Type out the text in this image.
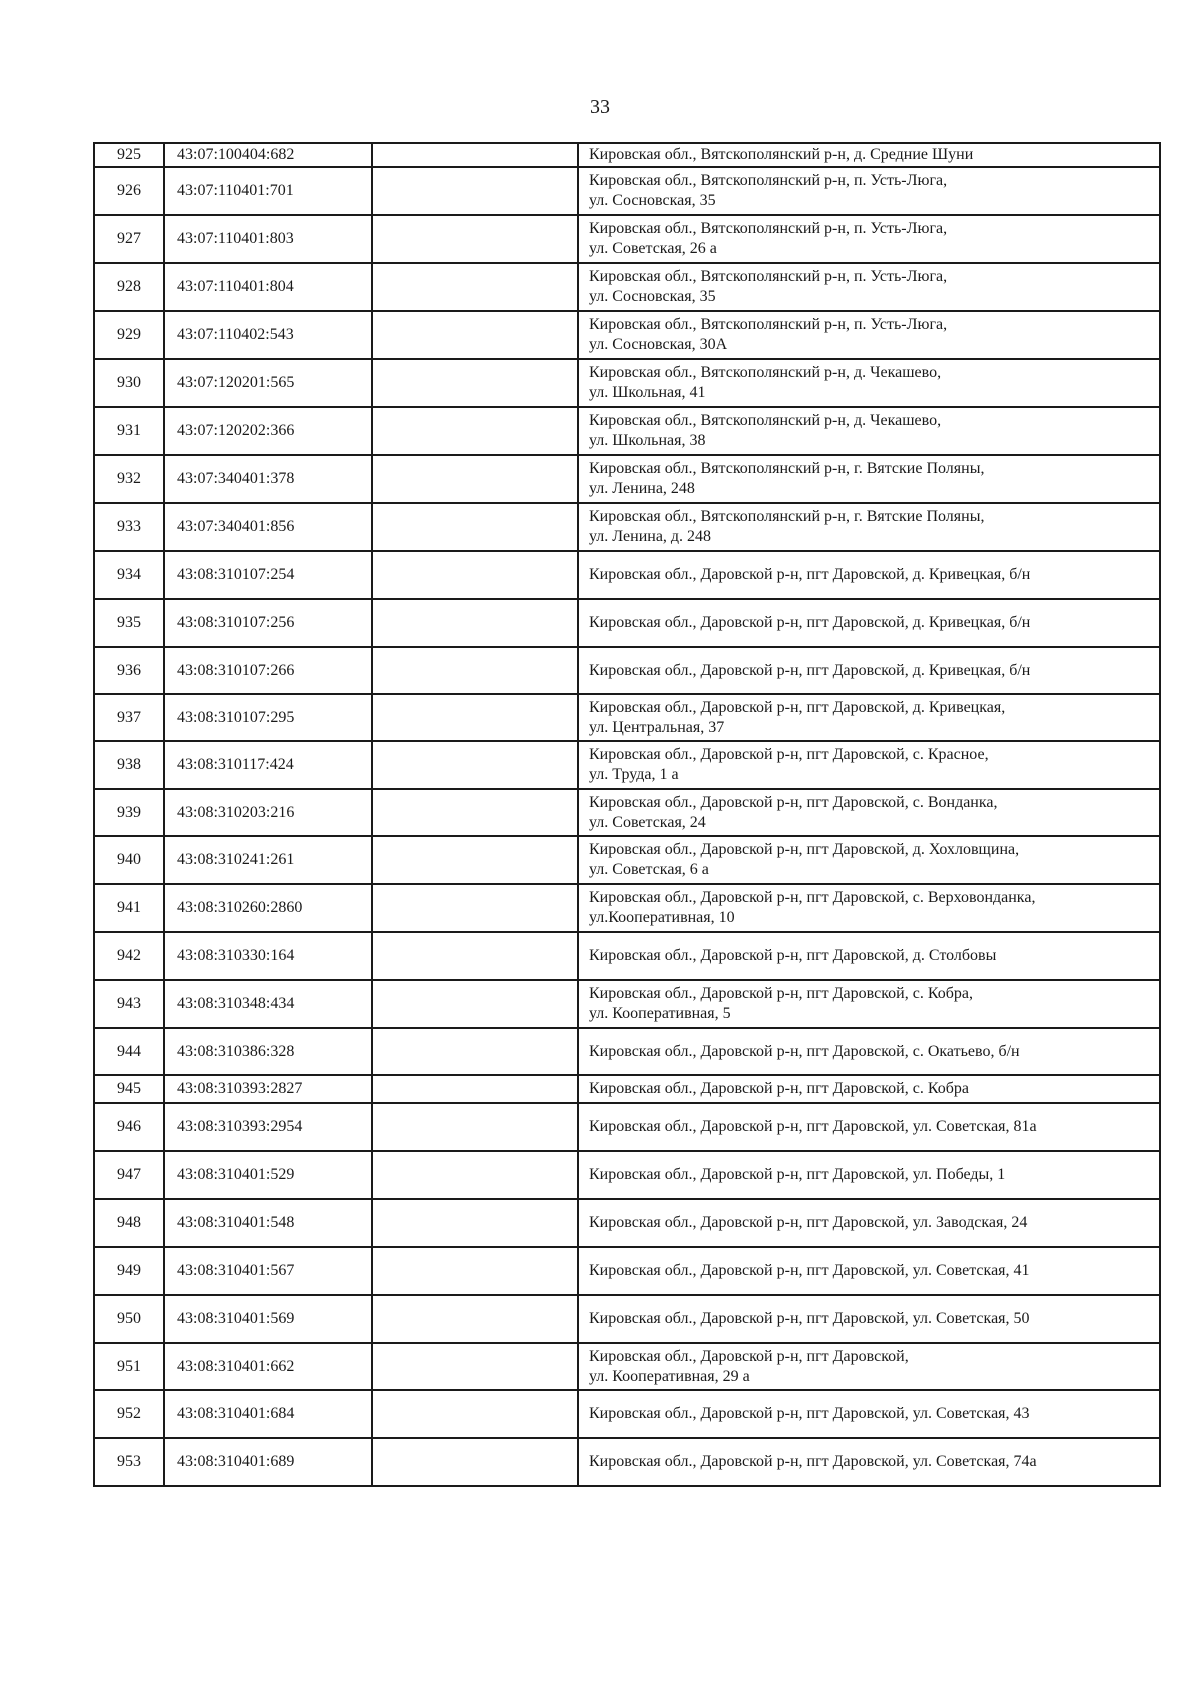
33
925	43:07:100404:682		Кировская обл., Вятскополянский р-н, д. Средние Шуни

926	43:07:110401:701		Кировская обл., Вятскополянский р-н, п. Усть-Люга,
ул. Сосновская, 35

927	43:07:110401:803		Кировская обл., Вятскополянский р-н, п. Усть-Люга,
ул. Советская, 26 а

928	43:07:110401:804		Кировская обл., Вятскополянский р-н, п. Усть-Люга,
ул. Сосновская, 35

929	43:07:110402:543		Кировская обл., Вятскополянский р-н, п. Усть-Люга,
ул. Сосновская, 30А

930	43:07:120201:565		Кировская обл., Вятскополянский р-н, д. Чекашево,
ул. Школьная, 41

931	43:07:120202:366		Кировская обл., Вятскополянский р-н, д. Чекашево,
ул. Школьная, 38

932	43:07:340401:378		Кировская обл., Вятскополянский р-н, г. Вятские Поляны,
ул. Ленина, 248

933	43:07:340401:856		Кировская обл., Вятскополянский р-н, г. Вятские Поляны,
ул. Ленина, д. 248

934	43:08:310107:254		Кировская обл., Даровской р-н, пгт Даровской, д. Кривецкая, б/н

935	43:08:310107:256		Кировская обл., Даровской р-н, пгт Даровской, д. Кривецкая, б/н

936	43:08:310107:266		Кировская обл., Даровской р-н, пгт Даровской, д. Кривецкая, б/н

937	43:08:310107:295		Кировская обл., Даровской р-н, пгт Даровской, д. Кривецкая,
ул. Центральная, 37

938	43:08:310117:424		Кировская обл., Даровской р-н, пгт Даровской, с. Красное,
ул. Труда, 1 а

939	43:08:310203:216		Кировская обл., Даровской р-н, пгт Даровской, с. Вонданка,
ул. Советская, 24

940	43:08:310241:261		Кировская обл., Даровской р-н, пгт Даровской, д. Хохловщина,
ул. Советская, 6 а

941	43:08:310260:2860		Кировская обл., Даровской р-н, пгт Даровской, с. Верховонданка,
ул.Кооперативная, 10

942	43:08:310330:164		Кировская обл., Даровской р-н, пгт Даровской, д. Столбовы

943	43:08:310348:434		Кировская обл., Даровской р-н, пгт Даровской, с. Кобра,
ул. Кооперативная, 5

944	43:08:310386:328		Кировская обл., Даровской р-н, пгт Даровской, с. Окатьево, б/н

945	43:08:310393:2827		Кировская обл., Даровской р-н, пгт Даровской, с. Кобра

946	43:08:310393:2954		Кировская обл., Даровской р-н, пгт Даровской, ул. Советская, 81а

947	43:08:310401:529		Кировская обл., Даровской р-н, пгт Даровской, ул. Победы, 1

948	43:08:310401:548		Кировская обл., Даровской р-н, пгт Даровской, ул. Заводская, 24

949	43:08:310401:567		Кировская обл., Даровской р-н, пгт Даровской, ул. Советская, 41

950	43:08:310401:569		Кировская обл., Даровской р-н, пгт Даровской, ул. Советская, 50

951	43:08:310401:662		Кировская обл., Даровской р-н, пгт Даровской,
ул. Кооперативная, 29 а

952	43:08:310401:684		Кировская обл., Даровской р-н, пгт Даровской, ул. Советская, 43

953	43:08:310401:689		Кировская обл., Даровской р-н, пгт Даровской, ул. Советская, 74а
